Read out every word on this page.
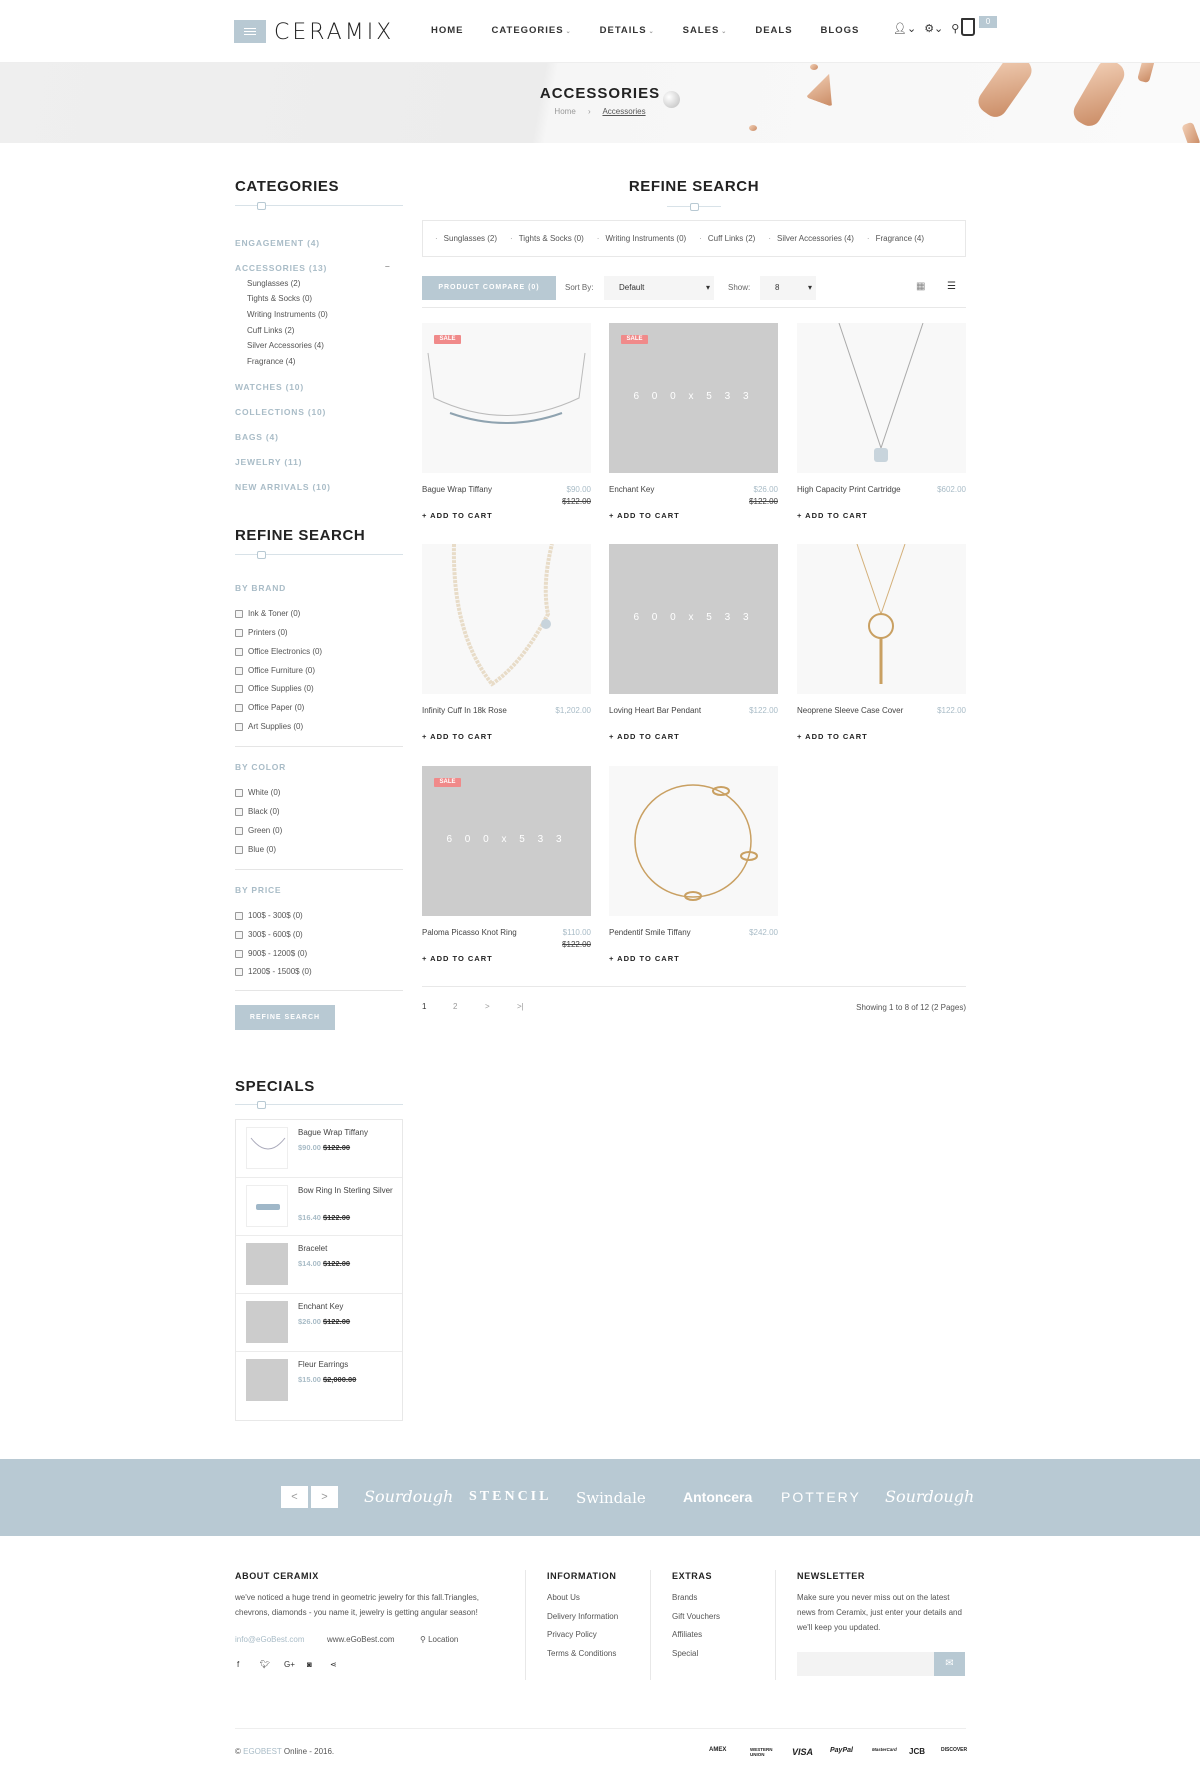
CERAMIX	HOME	CATEGORIES ⌄	DETAILS ⌄	SALES ⌄	DEALS	BLOGS	👤︎⌄ ⚙︎⌄ ⚲
0
ACCESSORIES
Home › Accessories
CATEGORIES
ENGAGEMENT (4)
ACCESSORIES (13)	–
Sunglasses (2)
Tights & Socks (0)
Writing Instruments (0)
Cuff Links (2)
Silver Accessories (4)
Fragrance (4)
WATCHES (10)
COLLECTIONS (10)
BAGS (4)
JEWELRY (11)
NEW ARRIVALS (10)
REFINE SEARCH
BY BRAND
Ink & Toner (0)
Printers (0)
Office Electronics (0)
Office Furniture (0)
Office Supplies (0)
Office Paper (0)
Art Supplies (0)
BY COLOR
White (0)
Black (0)
Green (0)
Blue (0)
BY PRICE
100$ - 300$ (0)
300$ - 600$ (0)
900$ - 1200$ (0)
1200$ - 1500$ (0)
REFINE SEARCH
SPECIALS
Bague Wrap Tiffany
$90.00 $122.00
Bow Ring In Sterling Silver
$16.40 $122.00
Bracelet
$14.00 $122.00
Enchant Key
$26.00 $122.00
Fleur Earrings
$15.00 $2,000.00
REFINE SEARCH
· Sunglasses (2)	· Tights & Socks (0)	· Writing Instruments (0)	· Cuff Links (2)	· Silver Accessories (4)	· Fragrance (4)
PRODUCT COMPARE (0)	Sort By:	Default ▾	Show:	8 ▾	▦ ☰
SALE
Bague Wrap Tiffany	$90.00
$122.00
+ ADD TO CART
6 0 0 x 5 3 3
SALE
Enchant Key	$26.00
$122.00
+ ADD TO CART
High Capacity Print Cartridge	$602.00
+ ADD TO CART
Infinity Cuff In 18k Rose	$1,202.00
+ ADD TO CART
6 0 0 x 5 3 3
Loving Heart Bar Pendant	$122.00
+ ADD TO CART
Neoprene Sleeve Case Cover	$122.00
+ ADD TO CART
6 0 0 x 5 3 3
SALE
Paloma Picasso Knot Ring	$110.00
$122.00
+ ADD TO CART
Pendentif Smile Tiffany	$242.00
+ ADD TO CART
1	2	>	>|	Showing 1 to 8 of 12 (2 Pages)
<	>	Sourdough STENCIL Swindale	Antoncera POTTERY Sourdough
ABOUT CERAMIX
we've noticed a huge trend in geometric jewelry for this fall.Triangles, chevrons, diamonds - you name it, jewelry is getting angular season!
info@eGoBest.com	www.eGoBest.com	⚲ Location
f	🐦︎ G+ ◙ ⋖
INFORMATION
About Us
Delivery Information
Privacy Policy
Terms & Conditions
EXTRAS
Brands
Gift Vouchers
Affiliates
Special
NEWSLETTER
Make sure you never miss out on the latest news from Ceramix, just enter your details and we'll keep you updated.
✉
© EGOBEST Online - 2016.	AMEX	WESTERN UNION	VISA PayPal	MasterCard JCB	DISCOVER
